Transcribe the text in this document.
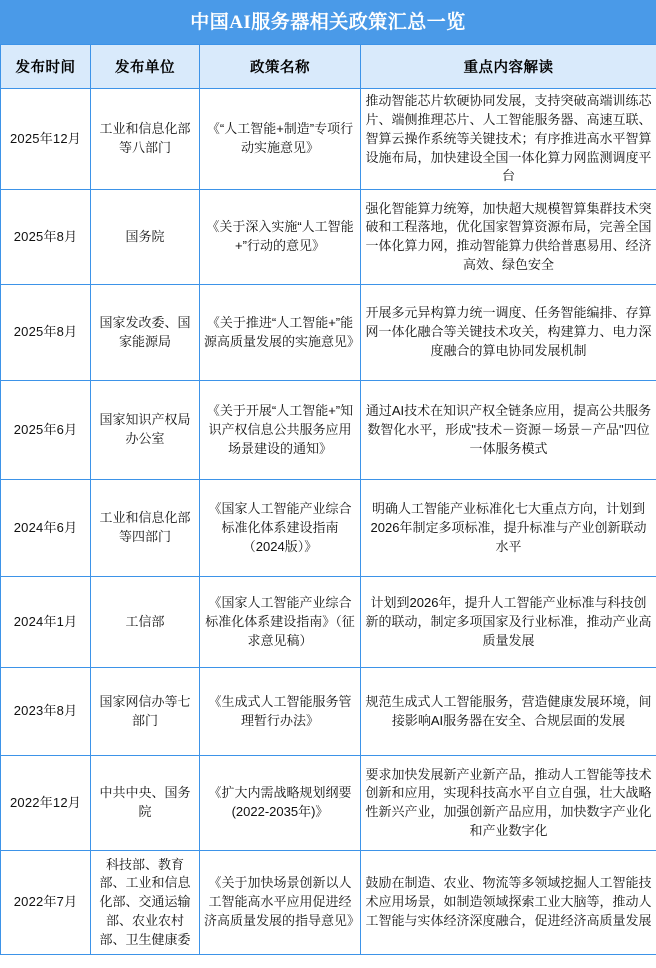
中国AI服务器相关政策汇总一览
发布时间	发布单位	政策名称	重点内容解读
2025年12月	工业和信息化部等八部门	《“人工智能+制造”专项行动实施意见》	推动智能芯片软硬协同发展，支持突破高端训练芯片、端侧推理芯片、人工智能服务器、高速互联、智算云操作系统等关键技术；有序推进高水平智算设施布局，加快建设全国一体化算力网监测调度平台
2025年8月	国务院	《关于深入实施“人工智能+”行动的意见》	强化智能算力统筹，加快超大规模智算集群技术突破和工程落地，优化国家智算资源布局，完善全国一体化算力网，推动智能算力供给普惠易用、经济高效、绿色安全
2025年8月	国家发改委、国家能源局	《关于推进“人工智能+”能源高质量发展的实施意见》	开展多元异构算力统一调度、任务智能编排、存算网一体化融合等关键技术攻关，构建算力、电力深度融合的算电协同发展机制
2025年6月	国家知识产权局办公室	《关于开展“人工智能+”知识产权信息公共服务应用场景建设的通知》	通过AI技术在知识产权全链条应用，提高公共服务数智化水平，形成"技术－资源－场景－产品"四位一体服务模式
2024年6月	工业和信息化部等四部门	《国家人工智能产业综合标准化体系建设指南（2024版）》	明确人工智能产业标准化七大重点方向，计划到2026年制定多项标准，提升标准与产业创新联动水平
2024年1月	工信部	《国家人工智能产业综合标准化体系建设指南》（征求意见稿）	计划到2026年，提升人工智能产业标准与科技创新的联动，制定多项国家及行业标准，推动产业高质量发展
2023年8月	国家网信办等七部门	《生成式人工智能服务管理暂行办法》	规范生成式人工智能服务，营造健康发展环境，间接影响AI服务器在安全、合规层面的发展
2022年12月	中共中央、国务院	《扩大内需战略规划纲要(2022-2035年)》	要求加快发展新产业新产品，推动人工智能等技术创新和应用，实现科技高水平自立自强，壮大战略性新兴产业，加强创新产品应用，加快数字产业化和产业数字化
2022年7月	科技部、教育部、工业和信息化部、交通运输部、农业农村部、卫生健康委	《关于加快场景创新以人工智能高水平应用促进经济高质量发展的指导意见》	鼓励在制造、农业、物流等多领域挖掘人工智能技术应用场景，如制造领域探索工业大脑等，推动人工智能与实体经济深度融合，促进经济高质量发展
